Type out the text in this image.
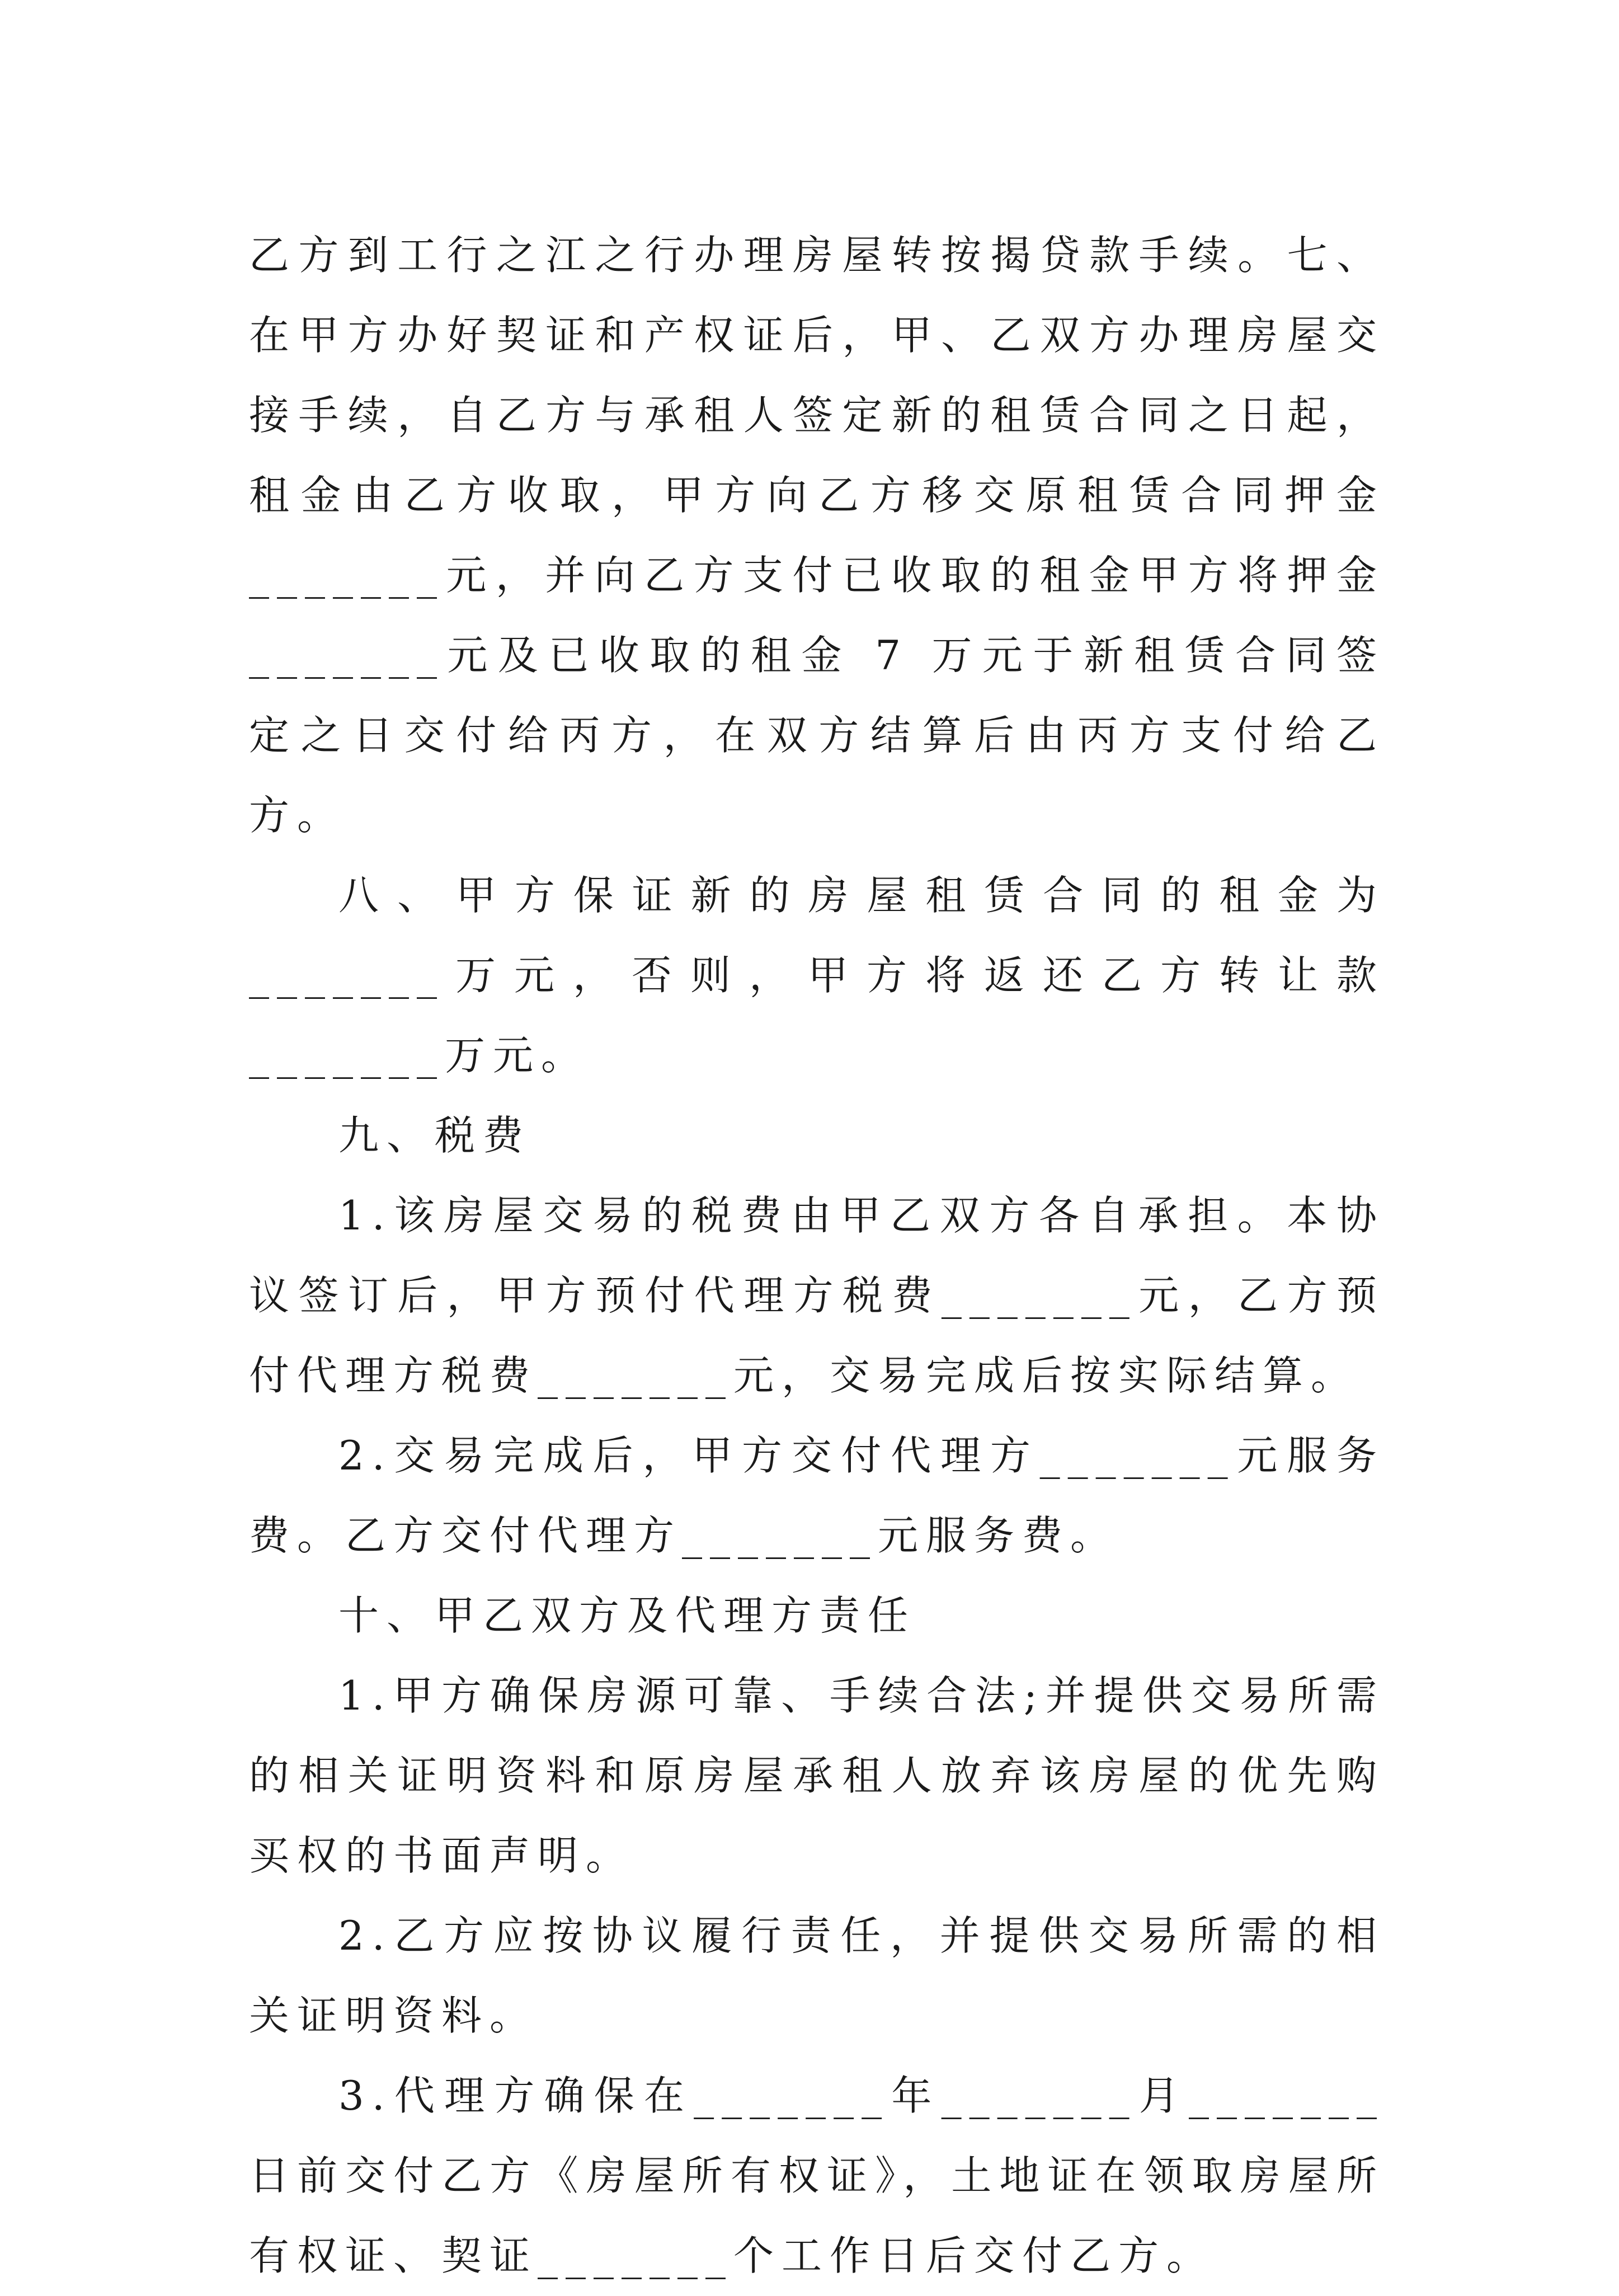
乙方到工行之江之行办理房屋转按揭贷款手续。七、在甲方办好契证和产权证后，甲、乙双方办理房屋交接手续，自乙方与承租人签定新的租赁合同之日起，租金由乙方收取，甲方向乙方移交原租赁合同押金_______元，并向乙方支付已收取的租金甲方将押金_______元及已收取的租金 7 万元于新租赁合同签定之日交付给丙方，在双方结算后由丙方支付给乙方。

八、甲方保证新的房屋租赁合同的租金为_______万元，否则，甲方将返还乙方转让款_______万元。

九、税费

1.该房屋交易的税费由甲乙双方各自承担。本协议签订后，甲方预付代理方税费_______元，乙方预付代理方税费_______元，交易完成后按实际结算。

2.交易完成后，甲方交付代理方_______元服务费。乙方交付代理方_______元服务费。

十、甲乙双方及代理方责任

1.甲方确保房源可靠、手续合法;并提供交易所需的相关证明资料和原房屋承租人放弃该房屋的优先购买权的书面声明。

2.乙方应按协议履行责任，并提供交易所需的相关证明资料。

3.代理方确保在_______年_______月_______日前交付乙方《房屋所有权证》，土地证在领取房屋所有权证、契证_______个工作日后交付乙方。
